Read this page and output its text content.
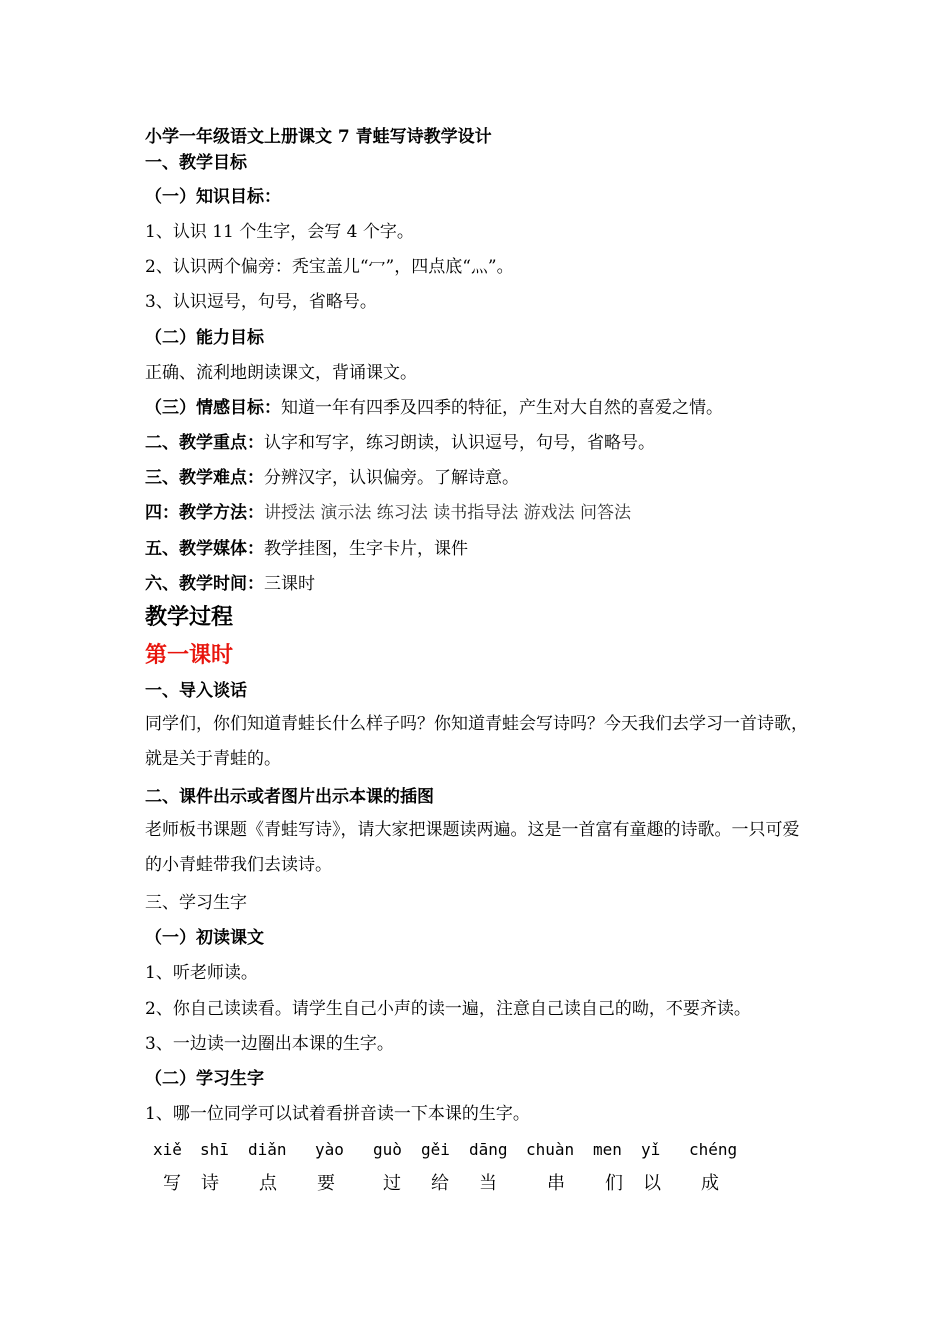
小学一年级语文上册课文 7 青蛙写诗教学设计
一、教学目标
（一）知识目标：
1、认识 11 个生字，会写 4 个字。
2、认识两个偏旁：秃宝盖儿“冖”，四点底“灬”。
3、认识逗号，句号，省略号。
（二）能力目标
正确、流利地朗读课文，背诵课文。
（三）情感目标：知道一年有四季及四季的特征，产生对大自然的喜爱之情。
二、教学重点：认字和写字，练习朗读，认识逗号，句号，省略号。
三、教学难点：分辨汉字，认识偏旁。了解诗意。
四：教学方法：讲授法 演示法 练习法 读书指导法 游戏法 问答法
五、教学媒体：教学挂图，生字卡片，课件
六、教学时间：三课时
教学过程
第一课时
一、导入谈话
同学们，你们知道青蛙长什么样子吗？你知道青蛙会写诗吗？今天我们去学习一首诗歌，就是关于青蛙的。
二、课件出示或者图片出示本课的插图
老师板书课题《青蛙写诗》，请大家把课题读两遍。这是一首富有童趣的诗歌。一只可爱的小青蛙带我们去读诗。
三、学习生字
（一）初读课文
1、听老师读。
2、你自己读读看。请学生自己小声的读一遍，注意自己读自己的呦，不要齐读。
3、一边读一边圈出本课的生字。
（二）学习生字
1、哪一位同学可以试着看拼音读一下本课的生字。
xiě shī diǎn yào guò gěi dāng chuàn men yǐ chéng
写 诗 点 要	过 给 当	串 们 以 成
